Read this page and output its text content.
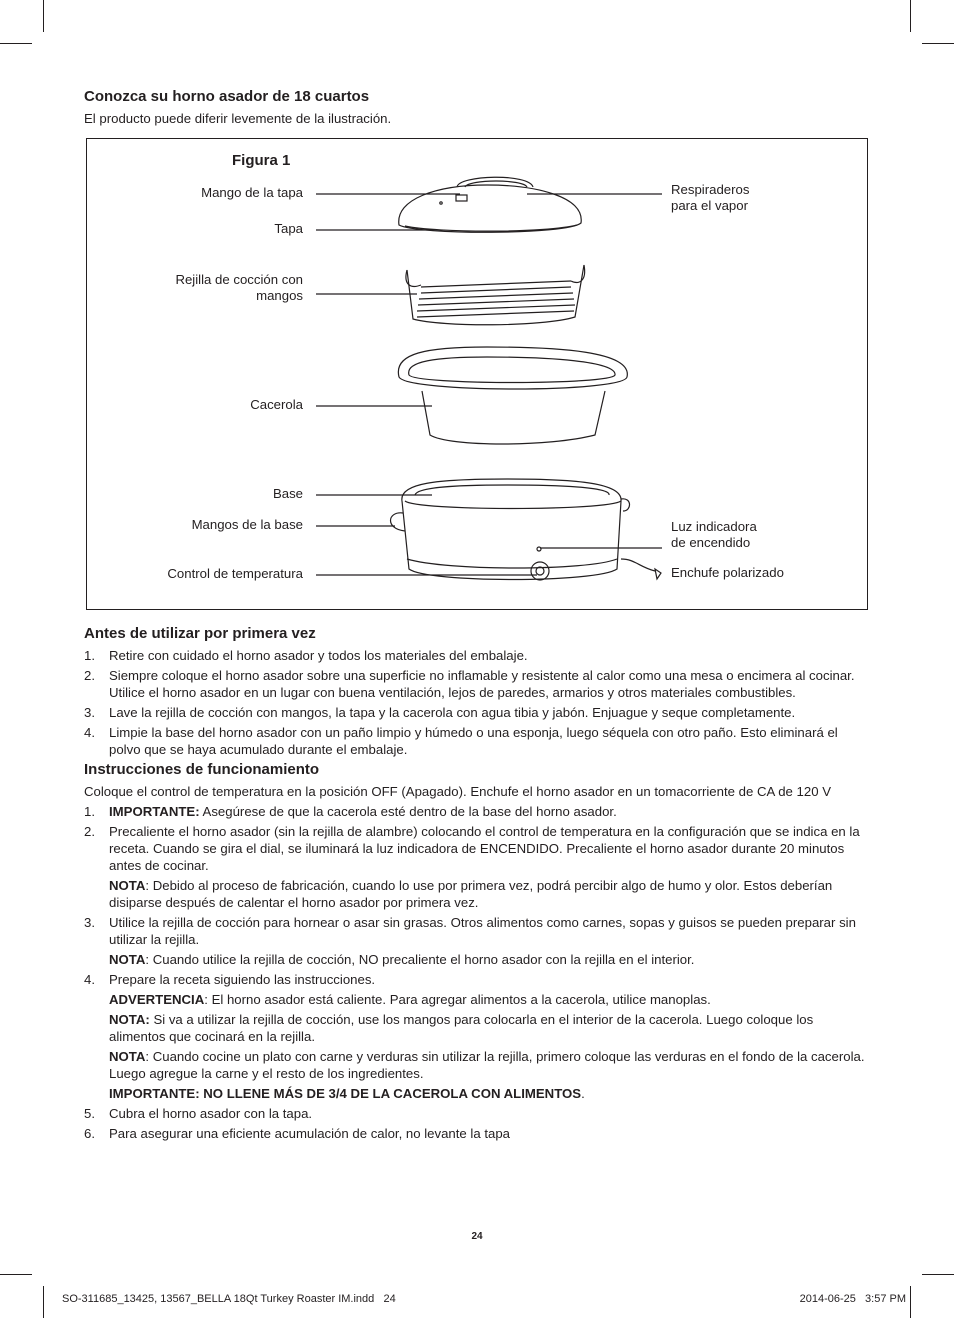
Conozca su horno asador de 18 cuartos

El producto puede diferir levemente de la ilustración.

Figura 1
Mango de la tapa
Tapa
Rejilla de cocción con
mangos
Cacerola
Base
Mangos de la base
Control de temperatura
Respiraderos
para el vapor
Luz indicadora
de encendido
Enchufe polarizado
Antes de utilizar por primera vez
1. Retire con cuidado el horno asador y todos los materiales del embalaje.
2. Siempre coloque el horno asador sobre una superficie no inflamable y resistente al calor como una mesa o encimera al cocinar. Utilice el horno asador en un lugar con buena ventilación, lejos de paredes, armarios y otros materiales combustibles.
3. Lave la rejilla de cocción con mangos, la tapa y la cacerola con agua tibia y jabón. Enjuague y seque completamente.
4. Limpie la base del horno asador con un paño limpio y húmedo o una esponja, luego séquela con otro paño. Esto eliminará el polvo que se haya acumulado durante el embalaje.
Instrucciones de funcionamiento

Coloque el control de temperatura en la posición OFF (Apagado). Enchufe el horno asador en un tomacorriente de CA de 120 V

1. IMPORTANTE: Asegúrese de que la cacerola esté dentro de la base del horno asador.
2. Precaliente el horno asador (sin la rejilla de alambre) colocando el control de temperatura en la configuración que se indica en la receta. Cuando se gira el dial, se iluminará la luz indicadora de ENCENDIDO. Precaliente el horno asador durante 20 minutos antes de cocinar.

NOTA: Debido al proceso de fabricación, cuando lo use por primera vez, podrá percibir algo de humo y olor. Estos deberían disiparse después de calentar el horno asador por primera vez.

3. Utilice la rejilla de cocción para hornear o asar sin grasas. Otros alimentos como carnes, sopas y guisos se pueden preparar sin utilizar la rejilla.

NOTA: Cuando utilice la rejilla de cocción, NO precaliente el horno asador con la rejilla en el interior.

4. Prepare la receta siguiendo las instrucciones.

ADVERTENCIA: El horno asador está caliente. Para agregar alimentos a la cacerola, utilice manoplas.

NOTA: Si va a utilizar la rejilla de cocción, use los mangos para colocarla en el interior de la cacerola. Luego coloque los alimentos que cocinará en la rejilla.

NOTA: Cuando cocine un plato con carne y verduras sin utilizar la rejilla, primero coloque las verduras en el fondo de la cacerola. Luego agregue la carne y el resto de los ingredientes.

IMPORTANTE: NO LLENE MÁS DE 3/4 DE LA CACEROLA CON ALIMENTOS.

5. Cubra el horno asador con la tapa.
6. Para asegurar una eficiente acumulación de calor, no levante la tapa
24
SO-311685_13425, 13567_BELLA 18Qt Turkey Roaster IM.indd   24	2014-06-25   3:57 PM
